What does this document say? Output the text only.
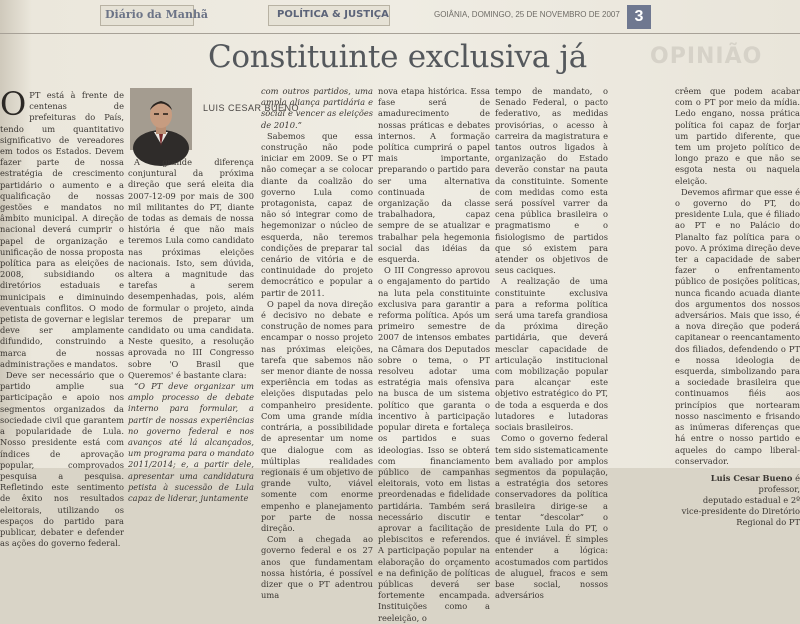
Diário da Manhã	POLÍTICA & JUSTIÇA	GOIÂNIA, DOMINGO, 25 DE NOVEMBRO DE 2007 3
OPINIÃO
Constituinte exclusiva já
LUIS CESAR BUENO
O PT está à frente de centenas de prefeituras do País, tendo um quantitativo significativo de vereadores em todos os Estados. Devem fazer parte de nossa estratégia de crescimento partidário o aumento e a qualificação de nossas gestões e mandatos no âmbito municipal. A direção nacional deverá cumprir o papel de organização e unificação de nossa proposta política para as eleições de 2008, subsidiando os diretórios estaduais e municipais e diminuindo eventuais conflitos. O modo petista de governar e legislar deve ser amplamente difundido, construindo a marca de nossas administrações e mandatos.

Deve ser necessário que o partido amplie sua participação e apoio nos segmentos organizados da sociedade civil que garantem a popularidade de Lula. Nosso presidente está com índices de aprovação popular, comprovados pesquisa a pesquisa. Refletindo este sentimento de êxito nos resultados eleitorais, utilizando os espaços do partido para publicar, debater e defender as ações do governo federal.

A grande diferença conjuntural da próxima direção que será eleita dia 2007-12-09 por mais de 300 mil militantes do PT, diante de todas as demais de nossa história é que não mais teremos Lula como candidato nas próximas eleições nacionais. Isto, sem dúvida, altera a magnitude das tarefas a serem desempenhadas, pois, além de formular o projeto, ainda teremos de preparar um candidato ou uma candidata. Neste quesito, a resolução aprovada no III Congresso sobre 'O Brasil que Queremos' é bastante clara:

“O PT deve organizar um amplo processo de debate interno para formular, a partir de nossas experiências no governo federal e nos avanços até lá alcançados, um programa para o mandato 2011/2014; e, a partir dele, apresentar uma candidatura petista à sucessão de Lula capaz de liderar, juntamente

com outros partidos, uma ampla aliança partidária e social e vencer as eleições de 2010.”

Sabemos que essa construção não pode iniciar em 2009. Se o PT não começar a se colocar diante da coalizão do governo Lula como protagonista, capaz de não só integrar como de hegemonizar o núcleo de esquerda, não teremos condições de preparar tal cenário de vitória e de continuidade do projeto democrático e popular a partir de 2011.

O papel da nova direção é decisivo no debate e construção de nomes para encampar o nosso projeto nas próximas eleições, tarefa que sabemos não ser menor diante de nossa experiência em todas as eleições disputadas pelo companheiro presidente. Com uma grande mídia contrária, a possibilidade de apresentar um nome que dialogue com as múltiplas realidades regionais é um objetivo de grande vulto, viável somente com enorme empenho e planejamento por parte de nossa direção.

Com a chegada ao governo federal e os 27 anos que fundamentam nossa história, é possível dizer que o PT adentrou uma

nova etapa histórica. Essa fase será de amadurecimento de nossas práticas e debates internos. A formação política cumprirá o papel mais importante, preparando o partido para ser uma alternativa continuada de organização da classe trabalhadora, capaz sempre de se atualizar e trabalhar pela hegemonia social das idéias da esquerda.

O III Congresso aprovou o engajamento do partido na luta pela constituinte exclusiva para garantir a reforma política. Após um primeiro semestre de 2007 de intensos embates na Câmara dos Deputados sobre o tema, o PT resolveu adotar uma estratégia mais ofensiva na busca de um sistema político que garanta o incentivo à participação popular direta e fortaleça os partidos e suas ideologias. Isso se obterá com financiamento público de campanhas eleitorais, voto em listas preordenadas e fidelidade partidária. Também será necessário discutir e aprovar a facilitação de plebiscitos e referendos. A participação popular na elaboração do orçamento e na definição de políticas públicas deverá ser fortemente encampada. Instituições como a reeleição, o

tempo de mandato, o Senado Federal, o pacto federativo, as medidas provisórias, o acesso à carreira da magistratura e tantos outros ligados à organização do Estado deverão constar na pauta da constituinte. Somente com medidas como esta será possível varrer da cena pública brasileira o pragmatismo e o fisiologismo de partidos que só existem para atender os objetivos de seus caciques.

A realização de uma constituinte exclusiva para a reforma política será uma tarefa grandiosa da próxima direção partidária, que deverá mesclar capacidade de articulação institucional com mobilização popular para alcançar este objetivo estratégico do PT, de toda a esquerda e dos lutadores e lutadoras sociais brasileiros.

Como o governo federal tem sido sistematicamente bem avaliado por amplos segmentos da população, a estratégia dos setores conservadores da política brasileira dirige-se a tentar “descolar” o presidente Lula do PT, o que é inviável. É simples entender a lógica: acostumados com partidos de aluguel, fracos e sem base social, nossos adversários

crêem que podem acabar com o PT por meio da mídia. Ledo engano, nossa prática política foi capaz de forjar um partido diferente, que tem um projeto político de longo prazo e que não se esgota nesta ou naquela eleição.

Devemos afirmar que esse é o governo do PT, do presidente Lula, que é filiado ao PT e no Palácio do Planalto faz política para o povo. A próxima direção deve ter a capacidade de saber fazer o enfrentamento público de posições políticas, nunca ficando acuada diante dos argumentos dos nossos adversários. Mais que isso, é a nova direção que poderá capitanear o reencantamento dos filiados, defendendo o PT e nossa ideologia de esquerda, simbolizando para a sociedade brasileira que continuamos fiéis aos princípios que nortearam nosso nascimento e frisando as inúmeras diferenças que há entre o nosso partido e aqueles do campo liberal-conservador.

Luis Cesar Bueno é professor,
deputado estadual e 2º
vice-presidente do Diretório
Regional do PT
